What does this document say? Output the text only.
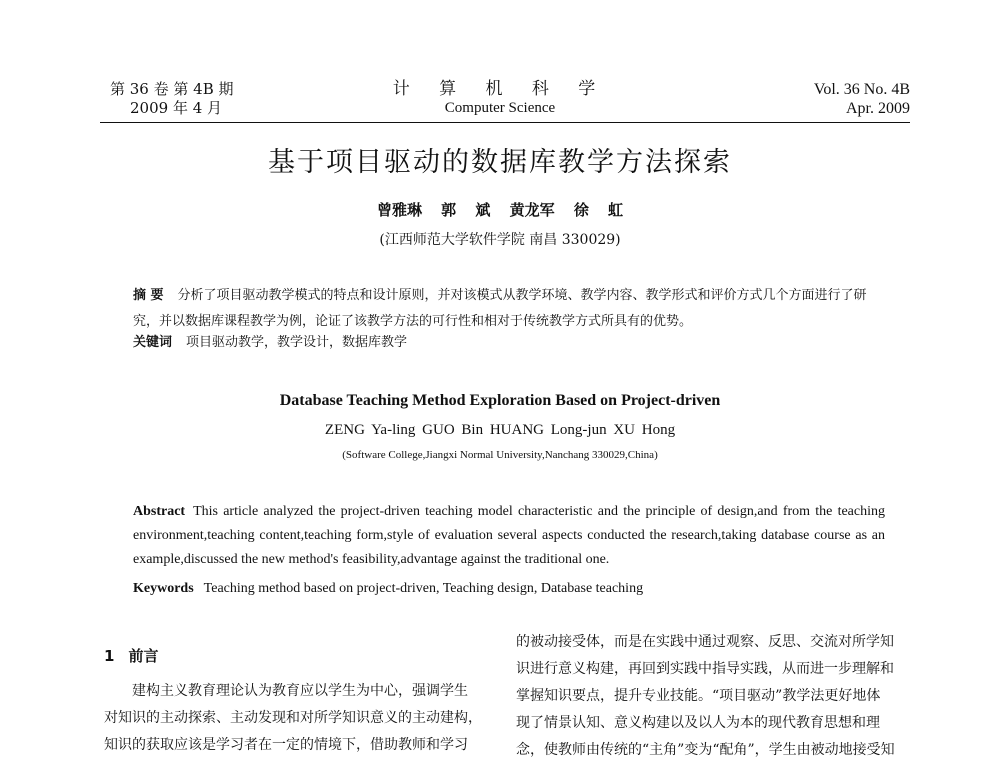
第 36 卷 第 4B 期
2009 年 4 月
计 算 机 科 学
Computer Science
Vol. 36 No. 4B
Apr. 2009
基于项目驱动的数据库教学方法探索
曾雅琳 郭 斌 黄龙军 徐 虹
(江西师范大学软件学院 南昌 330029)
摘 要 分析了项目驱动教学模式的特点和设计原则，并对该模式从教学环境、教学内容、教学形式和评价方式几个方面进行了研究，并以数据库课程教学为例，论证了该教学方法的可行性和相对于传统教学方式所具有的优势。
关键词 项目驱动教学，教学设计，数据库教学
Database Teaching Method Exploration Based on Project-driven
ZENG Ya-ling GUO Bin HUANG Long-jun XU Hong
(Software College,Jiangxi Normal University,Nanchang 330029,China)
Abstract This article analyzed the project-driven teaching model characteristic and the principle of design,and from the teaching environment,teaching content,teaching form,style of evaluation several aspects conducted the research,taking database course as an example,discussed the new method's feasibility,advantage against the traditional one.
Keywords Teaching method based on project-driven, Teaching design, Database teaching
1 前言
建构主义教育理论认为教育应以学生为中心，强调学生
对知识的主动探索、主动发现和对所学知识意义的主动建构，
知识的获取应该是学习者在一定的情境下，借助教师和学习
的被动接受体，而是在实践中通过观察、反思、交流对所学知
识进行意义构建，再回到实践中指导实践，从而进一步理解和
掌握知识要点，提升专业技能。“项目驱动”教学法更好地体
现了情景认知、意义构建以及以人为本的现代教育思想和理
念，使教师由传统的“主角”变为“配角”，学生由被动地接受知
